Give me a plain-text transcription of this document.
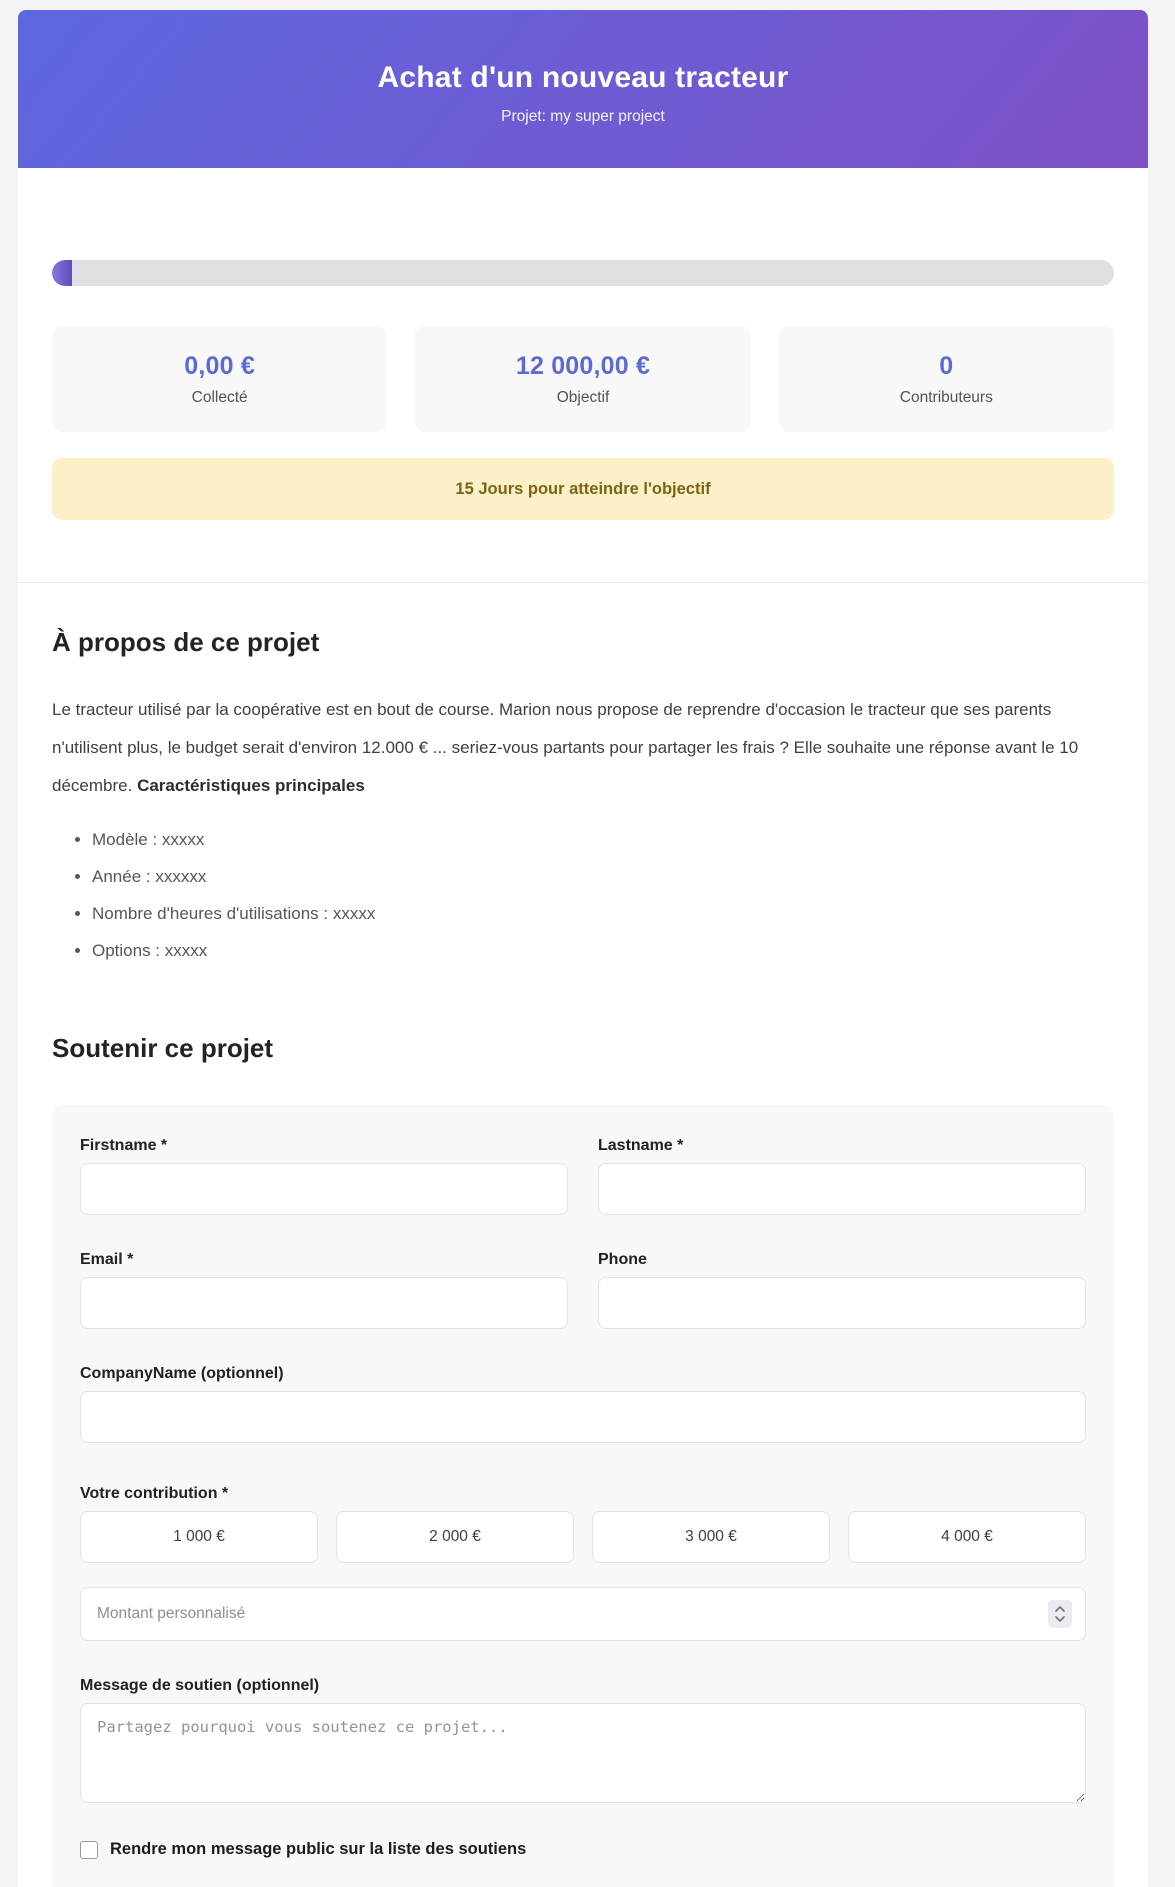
Achat d'un nouveau tracteur
Projet: my super project
0,00 €
Collecté
12 000,00 €
Objectif
0
Contributeurs
15 Jours pour atteindre l'objectif
À propos de ce projet

Le tracteur utilisé par la coopérative est en bout de course. Marion nous propose de reprendre d'occasion le tracteur que ses parents n'utilisent plus, le budget serait d'environ 12.000 € ... seriez-vous partants pour partager les frais ? Elle souhaite une réponse avant le 10 décembre. Caractéristiques principales

• Modèle : xxxxx
• Année : xxxxxx
• Nombre d'heures d'utilisations : xxxxx
• Options : xxxxx
Soutenir ce projet
Firstname *	Lastname *
Email *	Phone
CompanyName (optionnel)
Votre contribution *
1 000 €	2 000 €	3 000 €	4 000 €
Montant personnalisé
Message de soutien (optionnel)
Partagez pourquoi vous soutenez ce projet...
Rendre mon message public sur la liste des soutiens
